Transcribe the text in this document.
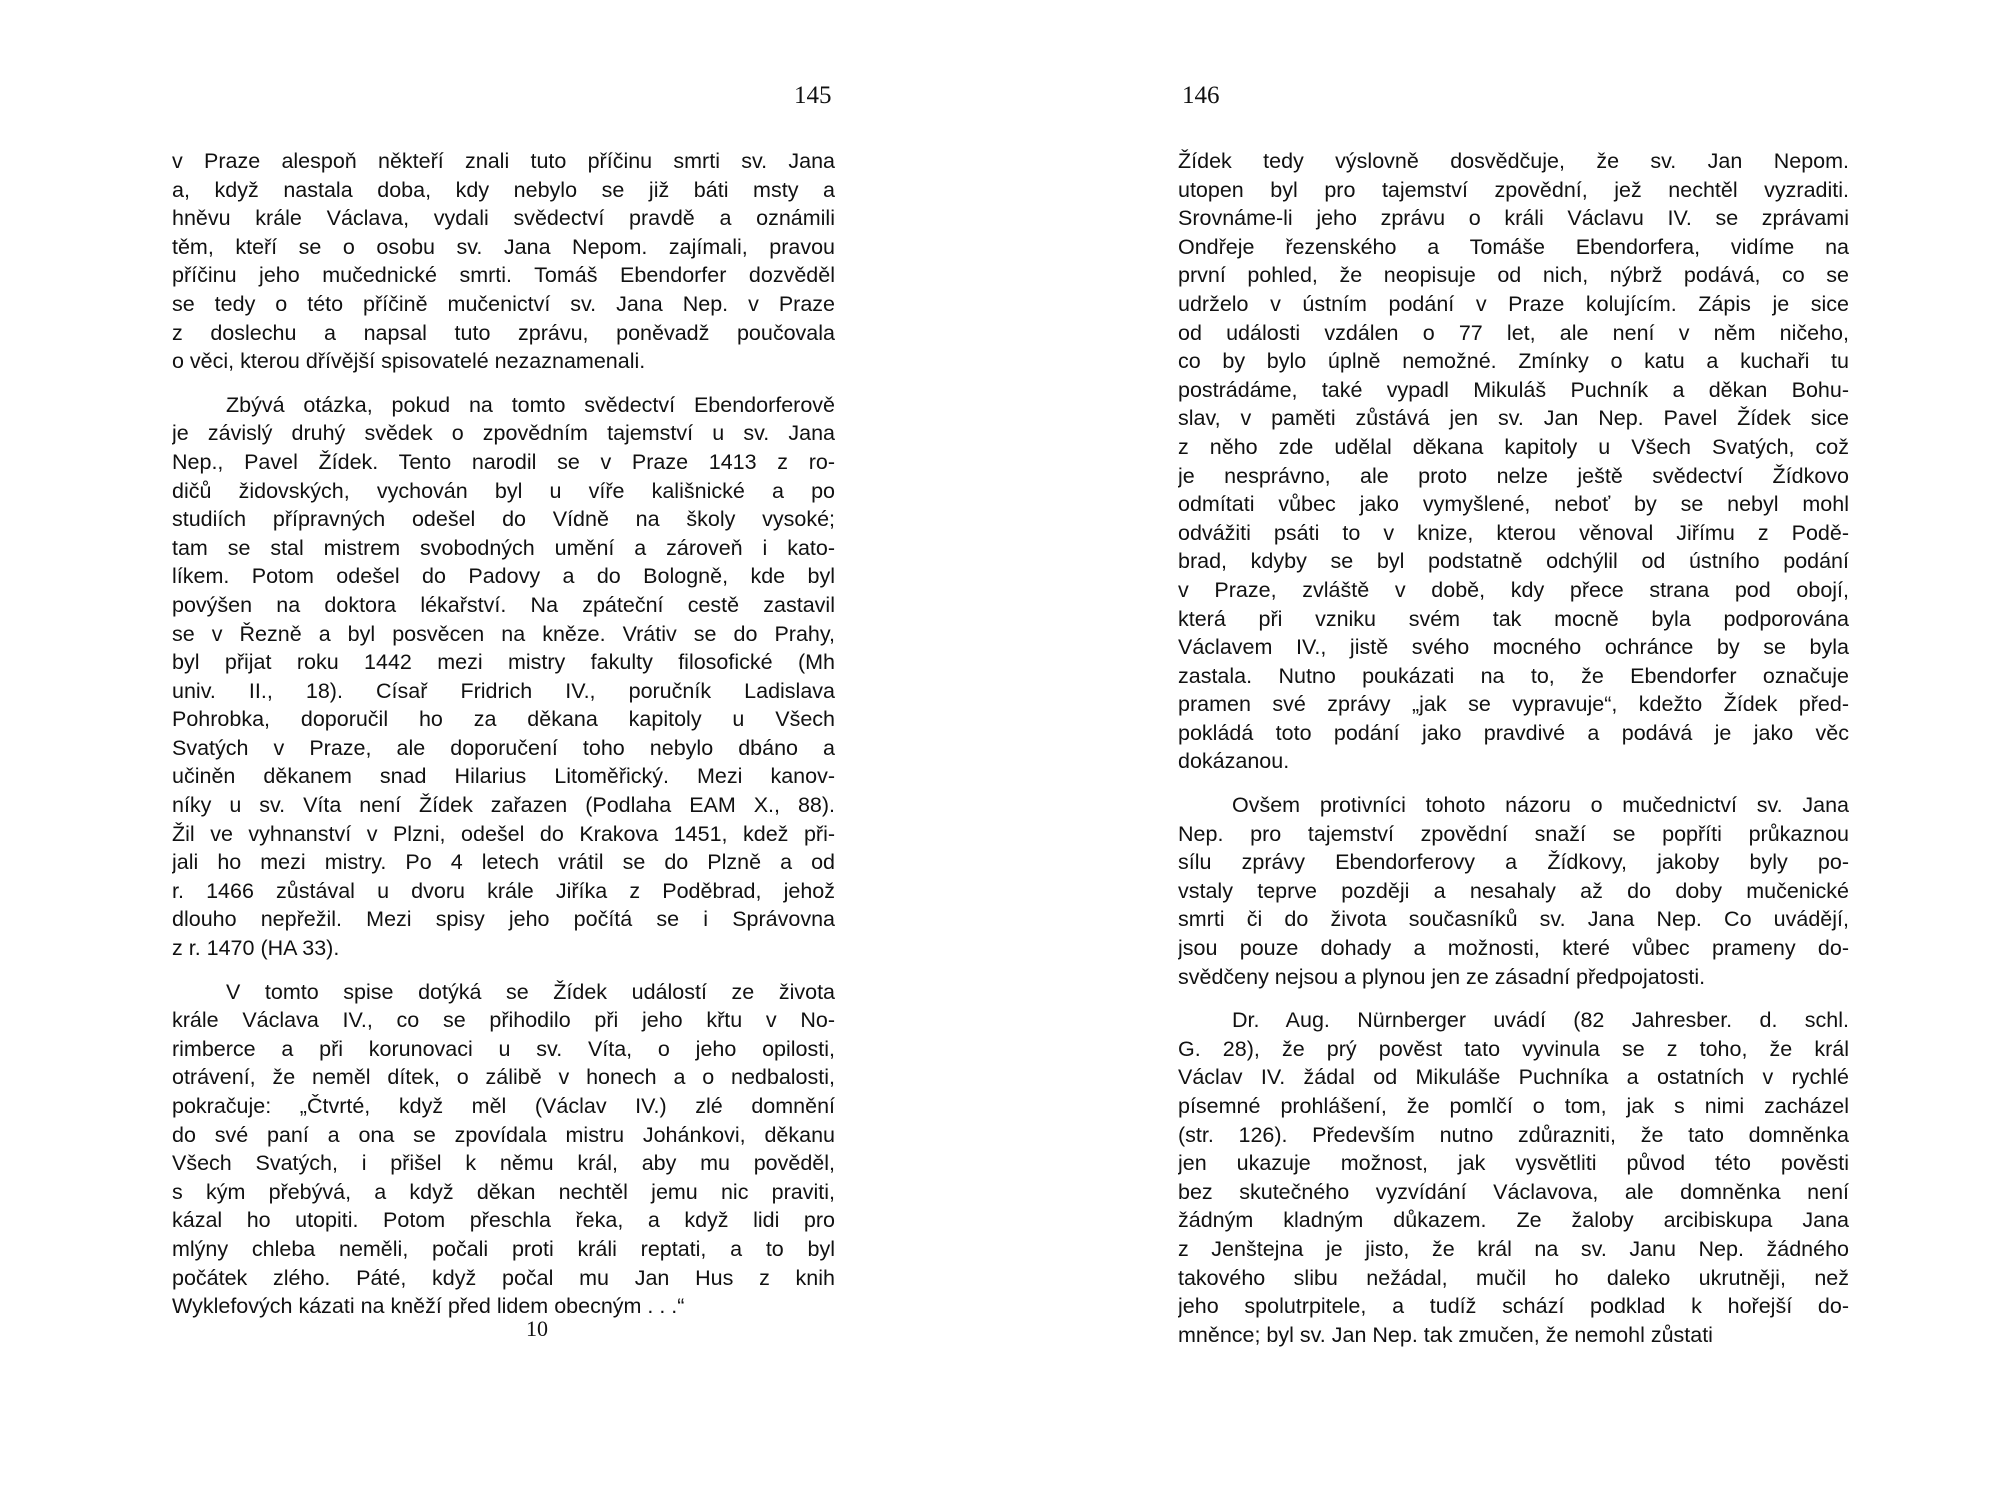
145
v Praze alespoň někteří znali tuto příčinu smrti sv. Jana
a, když nastala doba, kdy nebylo se již báti msty a
hněvu krále Václava, vydali svědectví pravdě a oznámili
těm, kteří se o osobu sv. Jana Nepom. zajímali, pravou
příčinu jeho mučednické smrti. Tomáš Ebendorfer dozvěděl
se tedy o této příčině mučenictví sv. Jana Nep. v Praze
z doslechu a napsal tuto zprávu, poněvadž poučovala
o věci, kterou dřívější spisovatelé nezaznamenali.
Zbývá otázka, pokud na tomto svědectví Ebendorferově
je závislý druhý svědek o zpovědním tajemství u sv. Jana
Nep., Pavel Žídek. Tento narodil se v Praze 1413 z ro-
dičů židovských, vychován byl u víře kališnické a po
studiích přípravných odešel do Vídně na školy vysoké;
tam se stal mistrem svobodných umění a zároveň i kato-
líkem. Potom odešel do Padovy a do Bologně, kde byl
povýšen na doktora lékařství. Na zpáteční cestě zastavil
se v Řezně a byl posvěcen na kněze. Vrátiv se do Prahy,
byl přijat roku 1442 mezi mistry fakulty filosofické (Mh
univ. II., 18). Císař Fridrich IV., poručník Ladislava
Pohrobka, doporučil ho za děkana kapitoly u Všech
Svatých v Praze, ale doporučení toho nebylo dbáno a
učiněn děkanem snad Hilarius Litoměřický. Mezi kanov-
níky u sv. Víta není Žídek zařazen (Podlaha EAM X., 88).
Žil ve vyhnanství v Plzni, odešel do Krakova 1451, kdež při-
jali ho mezi mistry. Po 4 letech vrátil se do Plzně a od
r. 1466 zůstával u dvoru krále Jiříka z Poděbrad, jehož
dlouho nepřežil. Mezi spisy jeho počítá se i Správovna
z r. 1470 (HA 33).
V tomto spise dotýká se Žídek událostí ze života
krále Václava IV., co se přihodilo při jeho křtu v No-
rimberce a při korunovaci u sv. Víta, o jeho opilosti,
otrávení, že neměl dítek, o zálibě v honech a o nedbalosti,
pokračuje: „Čtvrté, když měl (Václav IV.) zlé domnění
do své paní a ona se zpovídala mistru Johánkovi, děkanu
Všech Svatých, i přišel k němu král, aby mu pověděl,
s kým přebývá, a když děkan nechtěl jemu nic praviti,
kázal ho utopiti. Potom přeschla řeka, a když lidi pro
mlýny chleba neměli, počali proti králi reptati, a to byl
počátek zlého. Páté, když počal mu Jan Hus z knih
Wyklefových kázati na kněží před lidem obecným . . .“
146
Žídek tedy výslovně dosvědčuje, že sv. Jan Nepom.
utopen byl pro tajemství zpovědní, jež nechtěl vyzraditi.
Srovnáme-li jeho zprávu o králi Václavu IV. se zprávami
Ondřeje řezenského a Tomáše Ebendorfera, vidíme na
první pohled, že neopisuje od nich, nýbrž podává, co se
udrželo v ústním podání v Praze kolujícím. Zápis je sice
od události vzdálen o 77 let, ale není v něm ničeho,
co by bylo úplně nemožné. Zmínky o katu a kuchaři tu
postrádáme, také vypadl Mikuláš Puchník a děkan Bohu-
slav, v paměti zůstává jen sv. Jan Nep. Pavel Žídek sice
z něho zde udělal děkana kapitoly u Všech Svatých, což
je nesprávno, ale proto nelze ještě svědectví Žídkovo
odmítati vůbec jako vymyšlené, neboť by se nebyl mohl
odvážiti psáti to v knize, kterou věnoval Jiřímu z Podě-
brad, kdyby se byl podstatně odchýlil od ústního podání
v Praze, zvláště v době, kdy přece strana pod obojí,
která při vzniku svém tak mocně byla podporována
Václavem IV., jistě svého mocného ochránce by se byla
zastala. Nutno poukázati na to, že Ebendorfer označuje
pramen své zprávy „jak se vypravuje“, kdežto Žídek před-
pokládá toto podání jako pravdivé a podává je jako věc
dokázanou.
Ovšem protivníci tohoto názoru o mučednictví sv. Jana
Nep. pro tajemství zpovědní snaží se popříti průkaznou
sílu zprávy Ebendorferovy a Žídkovy, jakoby byly po-
vstaly teprve později a nesahaly až do doby mučenické
smrti či do života současníků sv. Jana Nep. Co uvádějí,
jsou pouze dohady a možnosti, které vůbec prameny do-
svědčeny nejsou a plynou jen ze zásadní předpojatosti.
Dr. Aug. Nürnberger uvádí (82 Jahresber. d. schl.
G. 28), že prý pověst tato vyvinula se z toho, že král
Václav IV. žádal od Mikuláše Puchníka a ostatních v rychlé
písemné prohlášení, že pomlčí o tom, jak s nimi zacházel
(str. 126). Především nutno zdůrazniti, že tato domněnka
jen ukazuje možnost, jak vysvětliti původ této pověsti
bez skutečného vyzvídání Václavova, ale domněnka není
žádným kladným důkazem. Ze žaloby arcibiskupa Jana
z Jenštejna je jisto, že král na sv. Janu Nep. žádného
takového slibu nežádal, mučil ho daleko ukrutněji, než
jeho spolutrpitele, a tudíž schází podklad k hořejší do-
mněnce; byl sv. Jan Nep. tak zmučen, že nemohl zůstati
10
